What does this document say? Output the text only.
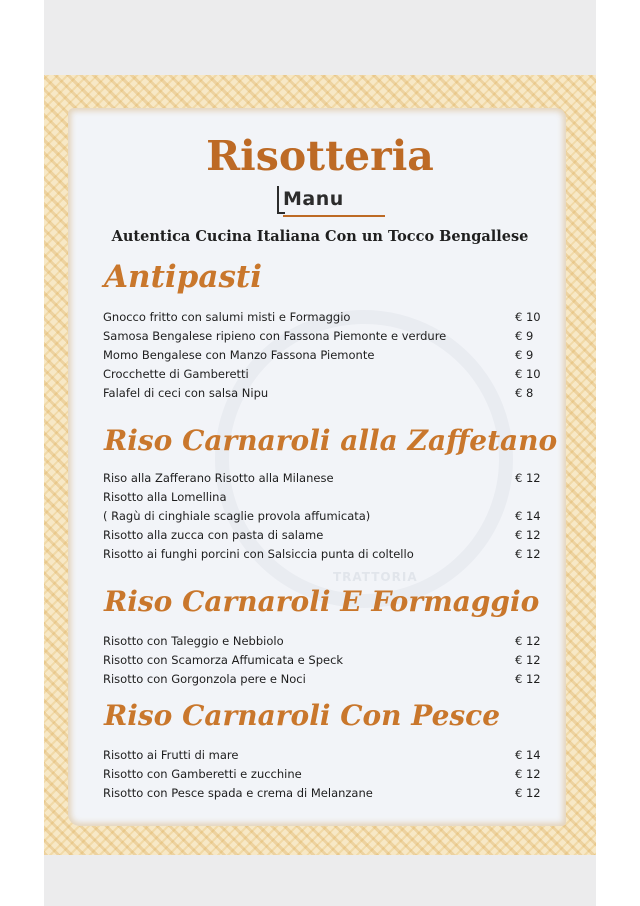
TRATTORIA
Risotteria
Manu
Autentica Cucina Italiana Con un Tocco Bengallese
Antipasti
Gnocco fritto con salumi misti e Formaggio	€ 10
Samosa Bengalese ripieno con Fassona Piemonte e verdure	€ 9
Momo Bengalese con Manzo Fassona Piemonte	€ 9
Crocchette di Gamberetti	€ 10
Falafel di ceci con salsa Nipu	€ 8
Riso Carnaroli alla Zaffetano
Riso alla Zafferano Risotto alla Milanese	€ 12
Risotto alla Lomellina
( Ragù di cinghiale scaglie provola affumicata)	€ 14
Risotto alla zucca con pasta di salame	€ 12
Risotto ai funghi porcini con Salsiccia punta di coltello	€ 12
Riso Carnaroli E Formaggio
Risotto con Taleggio e Nebbiolo	€ 12
Risotto con Scamorza Affumicata e Speck	€ 12
Risotto con Gorgonzola pere e Noci	€ 12
Riso Carnaroli Con Pesce
Risotto ai Frutti di mare	€ 14
Risotto con Gamberetti e zucchine	€ 12
Risotto con Pesce spada e crema di Melanzane	€ 12
